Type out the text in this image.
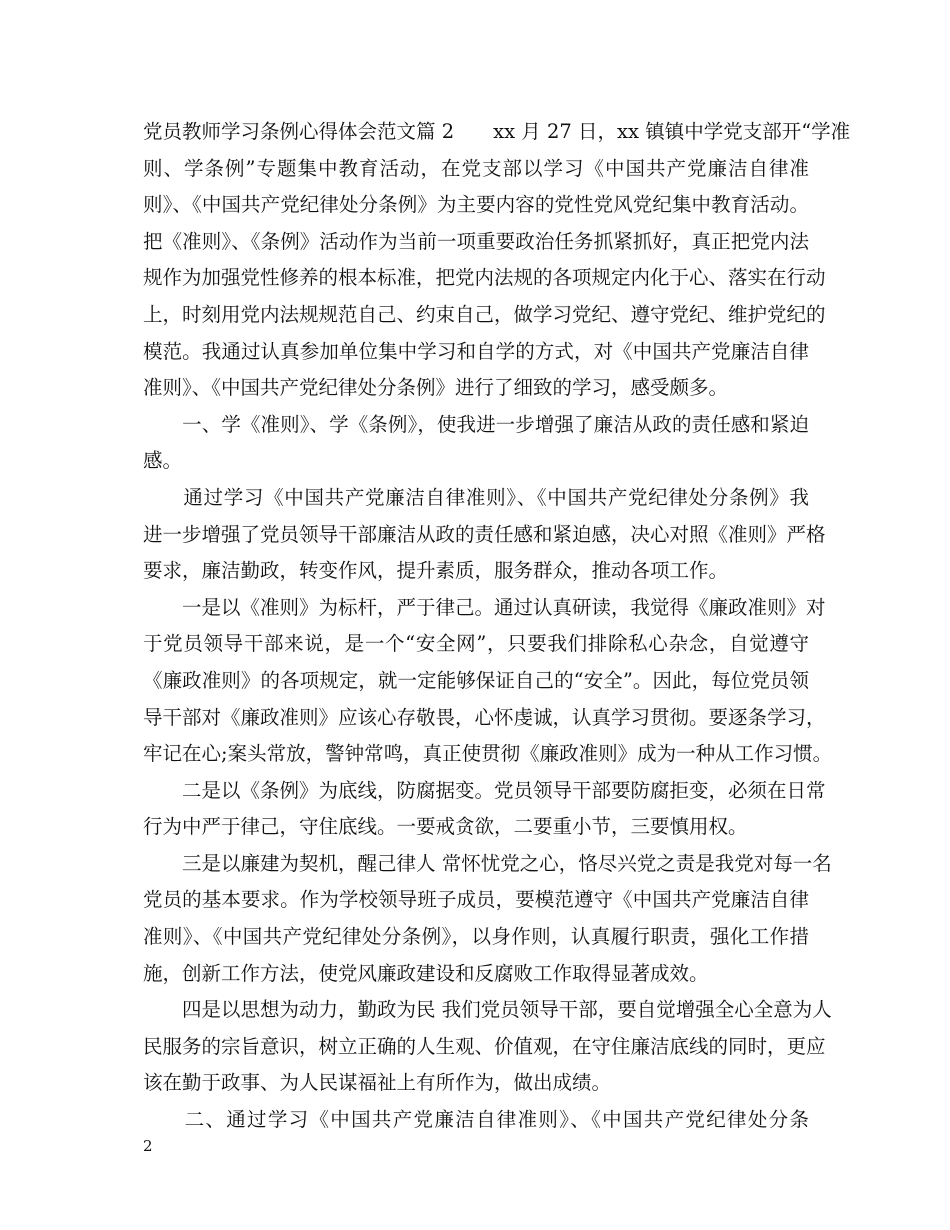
党员教师学习条例心得体会范文篇 2　　xx 月 27 日，xx 镇镇中学党支部开“学准
则、学条例”专题集中教育活动，在党支部以学习《中国共产党廉洁自律准
则》、《中国共产党纪律处分条例》为主要内容的党性党风党纪集中教育活动。
把《准则》、《条例》活动作为当前一项重要政治任务抓紧抓好，真正把党内法
规作为加强党性修养的根本标准，把党内法规的各项规定内化于心、落实在行动
上，时刻用党内法规规范自己、约束自己，做学习党纪、遵守党纪、维护党纪的
模范。我通过认真参加单位集中学习和自学的方式，对《中国共产党廉洁自律
准则》、《中国共产党纪律处分条例》进行了细致的学习，感受颇多。
　　一、学《准则》、学《条例》，使我进一步增强了廉洁从政的责任感和紧迫
感。
　　通过学习《中国共产党廉洁自律准则》、《中国共产党纪律处分条例》我
进一步增强了党员领导干部廉洁从政的责任感和紧迫感，决心对照《准则》严格
要求，廉洁勤政，转变作风，提升素质，服务群众，推动各项工作。
　　一是以《准则》为标杆，严于律己。通过认真研读，我觉得《廉政准则》对
于党员领导干部来说，是一个“安全网”，只要我们排除私心杂念，自觉遵守
《廉政准则》的各项规定，就一定能够保证自己的“安全”。因此，每位党员领
导干部对《廉政准则》应该心存敬畏，心怀虔诚，认真学习贯彻。要逐条学习，
牢记在心;案头常放，警钟常鸣，真正使贯彻《廉政准则》成为一种从工作习惯。
　　二是以《条例》为底线，防腐据变。党员领导干部要防腐拒变，必须在日常
行为中严于律己，守住底线。一要戒贪欲，二要重小节，三要慎用权。
　　三是以廉建为契机，醒己律人 常怀忧党之心，恪尽兴党之责是我党对每一名
党员的基本要求。作为学校领导班子成员，要模范遵守《中国共产党廉洁自律
准则》、《中国共产党纪律处分条例》，以身作则，认真履行职责，强化工作措
施，创新工作方法，使党风廉政建设和反腐败工作取得显著成效。
　　四是以思想为动力，勤政为民 我们党员领导干部，要自觉增强全心全意为人
民服务的宗旨意识，树立正确的人生观、价值观，在守住廉洁底线的同时，更应
该在勤于政事、为人民谋福祉上有所作为，做出成绩。
　　二、通过学习《中国共产党廉洁自律准则》、《中国共产党纪律处分条
2
